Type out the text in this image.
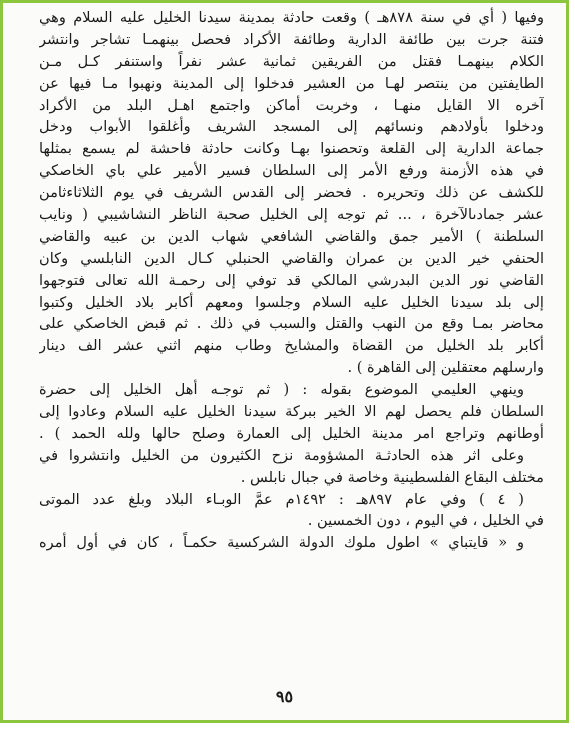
وفيها ( أي في سنة ٨٧٨هـ ) وقعت حادثة بمدينة سيدنا الخليل عليه السلام وهي
فتنة جرت بين طائفة الدارية وطائفة الأكراد فحصل بينهمـا تشاجر وانتشر
الكلام بينهمـا فقتل من الفريقين ثمانية عشر نفراً واستنفر كـل مـن
الطايفتين من ينتصر لهـا من العشير فدخلوا إلى المدينة ونهبوا مـا فيها عن
آخره الا القايل منهـا ، وخربت أماكن واجتمع اهـل البلد من الأكراد
ودخلوا بأولادهم ونسائهم إلى المسجد الشريف وأغلقوا الأبواب ودخل
جماعة الدارية إلى القلعة وتحصنوا بهـا وكانت حادثة فاحشة لم يسمع بمثلها
في هذه الأزمنة ورفع الأمر إلى السلطان فسير الأمير علي باي الخاصكي
للكشف عن ذلك وتحريره . فحضر إلى القدس الشريف في يوم الثلاثاءثامن
عشر جمادىالآخرة ، ... ثم توجه إلى الخليل صحبة الناظر النشاشيبي ( ونايب
السلطنة ) الأمير جمق والقاضي الشافعي شهاب الدين بن عبيه والقاضي
الحنفي خير الدين بن عمران والقاضي الحنبلي كـال الدين النابلسي وكان
القاضي نور الدين البدرشي المالكي قد توفي إلى رحمـة الله تعالى فتوجهوا
إلى بلد سيدنا الخليل عليه السلام وجلسوا ومعهم أكابر بلاد الخليل وكتبوا
محاضر بمـا وقع من النهب والقتل والسبب في ذلك . ثم قبض الخاصكي على
أكابر بلد الخليل من القضاة والمشايخ وطاب منهم اثني عشر الف دينار
وارسلهم معتقلين إلى القاهرة ) .
وينهي العليمي الموضوع بقوله : ( ثم توجـه أهل الخليل إلى حضرة
السلطان فلم يحصل لهم الا الخير ببركة سيدنا الخليل عليه السلام وعادوا إلى
أوطانهم وتراجع امر مدينة الخليل إلى العمارة وصلح حالها ولله الحمد ) .
وعلى اثر هذه الحادثـة المشؤومة نزح الكثيرون من الخليل وانتشروا في
مختلف البقاع الفلسطينية وخاصة في جبال نابلس .
( ٤ ) وفي عام ٨٩٧هـ : ١٤٩٢م عمَّ الوبـاء البلاد وبلغ عدد الموتى
في الخليل ، في اليوم ، دون الخمسين .
و « قايتباي » اطول ملوك الدولة الشركسية حكمـاً ، كان في أول أمره
٩٥
